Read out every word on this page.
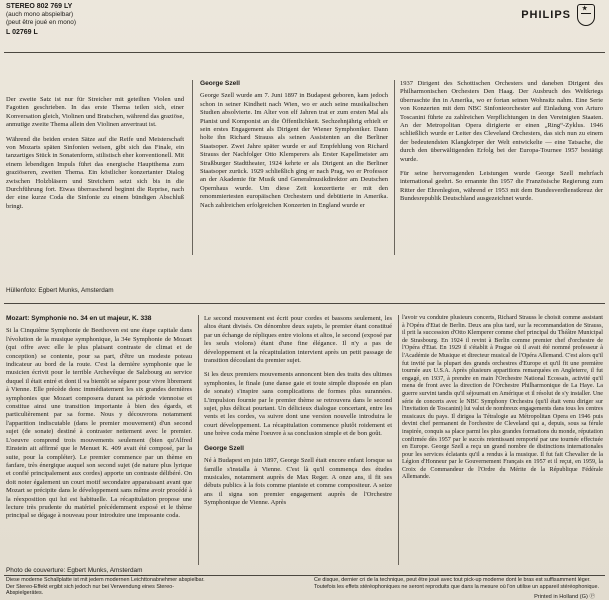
STEREO 802 769 LY
(auch mono abspielbar)
(peut être joué en mono)
L 02769 L
PHILIPS
★

Der zweite Satz ist nur für Streicher mit geteilten Violen und Fagotten geschrieben. In das erste Thema teilen sich, einer Konversation gleich, Violinen und Bratschen, während das graziöse, anmutige zweite Thema allein den Violinen anvertraut ist.

Während die beiden ersten Sätze auf die Reife und Meisterschaft von Mozarts späten Sinfonien weisen, gibt sich das Finale, ein tanzartiges Stück in Sonatenform, stilistisch eher konventionell. Mit einem lebendigen Impuls führt das energische Hauptthema zum graziöseren, zweiten Thema. Ein köstlicher konzertanter Dialog zwischen Holzbläsern und Streichern setzt sich bis in die Durchführung fort. Etwas überraschend beginnt die Reprise, nach der eine kurze Coda die Sinfonie zu einem bündigen Abschluß bringt.

George Szell

George Szell wurde am 7. Juni 1897 in Budapest geboren, kam jedoch schon in seiner Kindheit nach Wien, wo er auch seine musikalischen Studien absolvierte. Im Alter von elf Jahren trat er zum ersten Mal als Pianist und Komponist an die Öffentlichkeit. Sechzehnjährig erhielt er sein erstes Engagement als Dirigent der Wiener Symphoniker. Dann holte ihn Richard Strauss als seinen Assistenten an die Berliner Staatsoper. Zwei Jahre später wurde er auf Empfehlung von Richard Strauss der Nachfolger Otto Klemperers als Erster Kapellmeister am Straßburger Stadttheater, 1924 kehrte er als Dirigent an die Berliner Staatsoper zurück. 1929 schließlich ging er nach Prag, wo er Professor an der Akademie für Musik und Generalmusikdirektor am Deutschen Opernhaus wurde. Um diese Zeit konzertierte er mit den renommiertesten europäischen Orchestern und debütierte in Amerika. Nach zahlreichen erfolgreichen Konzerten in England wurde er

1937 Dirigent des Schottischen Orchesters und daneben Dirigent des Philharmonischen Orchesters Den Haag. Der Ausbruch des Weltkriegs überraschte ihn in Amerika, wo er fortan seinen Wohnsitz nahm. Eine Serie von Konzerten mit dem NBC Sinfonieorchester auf Einladung von Arturo Toscanini führte zu zahlreichen Verpflichtungen in den Vereinigten Staaten. An der Metropolitan Opera dirigierte er einen „Ring“-Zyklus. 1946 schließlich wurde er Leiter des Cleveland Orchesters, das sich nun zu einem der bedeutendsten Klangkörper der Welt entwickelte — eine Tatsache, die durch den überwältigenden Erfolg bei der Europa-Tournee 1957 bestätigt wurde.

Für seine hervorragenden Leistungen wurde George Szell mehrfach international geehrt. So ernannte ihn 1957 die Französische Regierung zum Ritter der Ehrenlegion, während er 1953 mit dem Bundesverdienstkreuz der Bundesrepublik Deutschland ausgezeichnet wurde.

Hüllenfoto: Egbert Munks, Amsterdam
Mozart: Symphonie no. 34 en ut majeur, K. 338

Si la Cinquième Symphonie de Beethoven est une étape capitale dans l'évolution de la musique symphonique, la 34e Symphonie de Mozart (qui offre avec elle le plus plaisant contraste de climat et de conception) se contente, pour sa part, d'être un modeste poteau indicateur au bord de la route. C'est la dernière symphonie que le musicien écrivit pour le terrible Archevêque de Salzbourg au service duquel il était entré et dont il va bientôt se séparer pour vivre librement à Vienne. Elle précède donc immédiatement les six grandes dernières symphonies que Mozart composera durant sa période viennoise et constitue ainsi une transition importante à bien des égards, et particulièrement par sa forme. Nous y découvrons notamment l'apparition indiscutable (dans le premier mouvement) d'un second sujet (de sonate) destiné à contraster nettement avec le premier. L'oeuvre comprend trois mouvements seulement (bien qu'Alfred Einstein ait affirmé que le Menuet K. 409 avait été composé, par la suite, pour la compléter). Le premier commence par un thème en fanfare, très énergique auquel son second sujet (de nature plus lyrique et confié principalement aux cordes) apporte un contraste délibéré. On doit noter également un court motif secondaire apparaissant avant que Mozart se précipite dans le développement sans même avoir procédé à la réexposition qui lui est habituelle. La récapitulation propose une lecture très prudente du matériel précédemment exposé et le thème principal se dégage à nouveau pour introduire une imposante coda.

Le second mouvement est écrit pour cordes et bassons seulement, les altos étant divisés. On dénombre deux sujets, le premier étant constitué par un échange de répliques entre violons et altos, le second (exposé par les seuls violons) étant d'une fine élégance. Il n'y a pas de développement et la récapitulation intervient après un petit passage de transition découlant du premier sujet.

Si les deux premiers mouvements annoncent bien des traits des ultimes symphonies, le finale (une danse gaie et toute simple disposée en plan de sonate) s'inspire sans complications de formes plus surannées. L'impulsion fournie par le premier thème se retrouvera dans le second sujet, plus délicat pourtant. Un délicieux dialogue concertant, entre les vents et les cordes, va suivre dont une version nouvelle introduira le court développement. La récapitulation commence plutôt roidement et une brève coda mène l'oeuvre à sa conclusion simple et de bon goût.

George Szell

Né à Budapest en juin 1897, George Szell était encore enfant lorsque sa famille s'installa à Vienne. C'est là qu'il commença des études musicales, notamment auprès de Max Reger. A onze ans, il fit ses débuts publics à la fois comme pianiste et comme compositeur. A seize ans il signa son premier engagement auprès de l'Orchestre Symphonique de Vienne. Après

l'avoir vu conduire plusieurs concerts, Richard Strauss le choisit comme assistant à l'Opéra d'Etat de Berlin. Deux ans plus tard, sur la recommandation de Strauss, il prit la succession d'Otto Klemperer comme chef principal du Théâtre Municipal de Strasbourg. En 1924 il revint à Berlin comme premier chef d'orchestre de l'Opéra d'Etat. En 1929 il s'établit à Prague où il avait été nommé professeur à l'Académie de Musique et directeur musical de l'Opéra Allemand. C'est alors qu'il fut invité par la plupart des grands orchestres d'Europe et qu'il fit une première tournée aux U.S.A. Après plusieurs apparitions remarquées en Angleterre, il fut engagé, en 1937, à prendre en main l'Orchestre National Ecossais, activité qu'il mena de front avec la direction de l'Orchestre Philharmonique de La Haye. La guerre survint tandis qu'il séjournait en Amérique et il résolut de s'y installer. Une série de concerts avec le NBC Symphony Orchestra (qu'il était venu diriger sur l'invitation de Toscanini) lui valut de nombreux engagements dans tous les centres musicaux du pays. Il dirigea la Tétralogie au Métropolitan Opera en 1946 puis devint chef permanent de l'orchestre de Cleveland qui a, depuis, sous sa férule inspirée, conquis sa place parmi les plus grandes formations du monde, réputation confirmée dès 1957 par le succès retentissant remporté par une tournée effectuée en Europe. George Szell a reçu un grand nombre de distinctions internationales pour les services éclatants qu'il a rendus à la musique. Il fut fait Chevalier de la Légion d'Honneur par le Gouvernement Français en 1957 et il reçut, en 1959, la Croix de Commandeur de l'Ordre du Mérite de la République Fédérale Allemande.

Photo de couverture: Egbert Munks, Amsterdam
Diese moderne Schallplatte ist mit jedem modernen Leichttonabnehmer abspielbar. Der Stereo-Effekt ergibt sich jedoch nur bei Verwendung eines Stereo-Abspielgerätes.
Ce disque, dernier cri de la technique, peut être joué avec tout pick-up moderne dont le bras est suffisamment léger. Toutefois les effets stéréophoniques ne seront reproduits que dans la mesure où l'on utilise un appareil stéréophonique.
Printed in Holland (G) Ⓟ
